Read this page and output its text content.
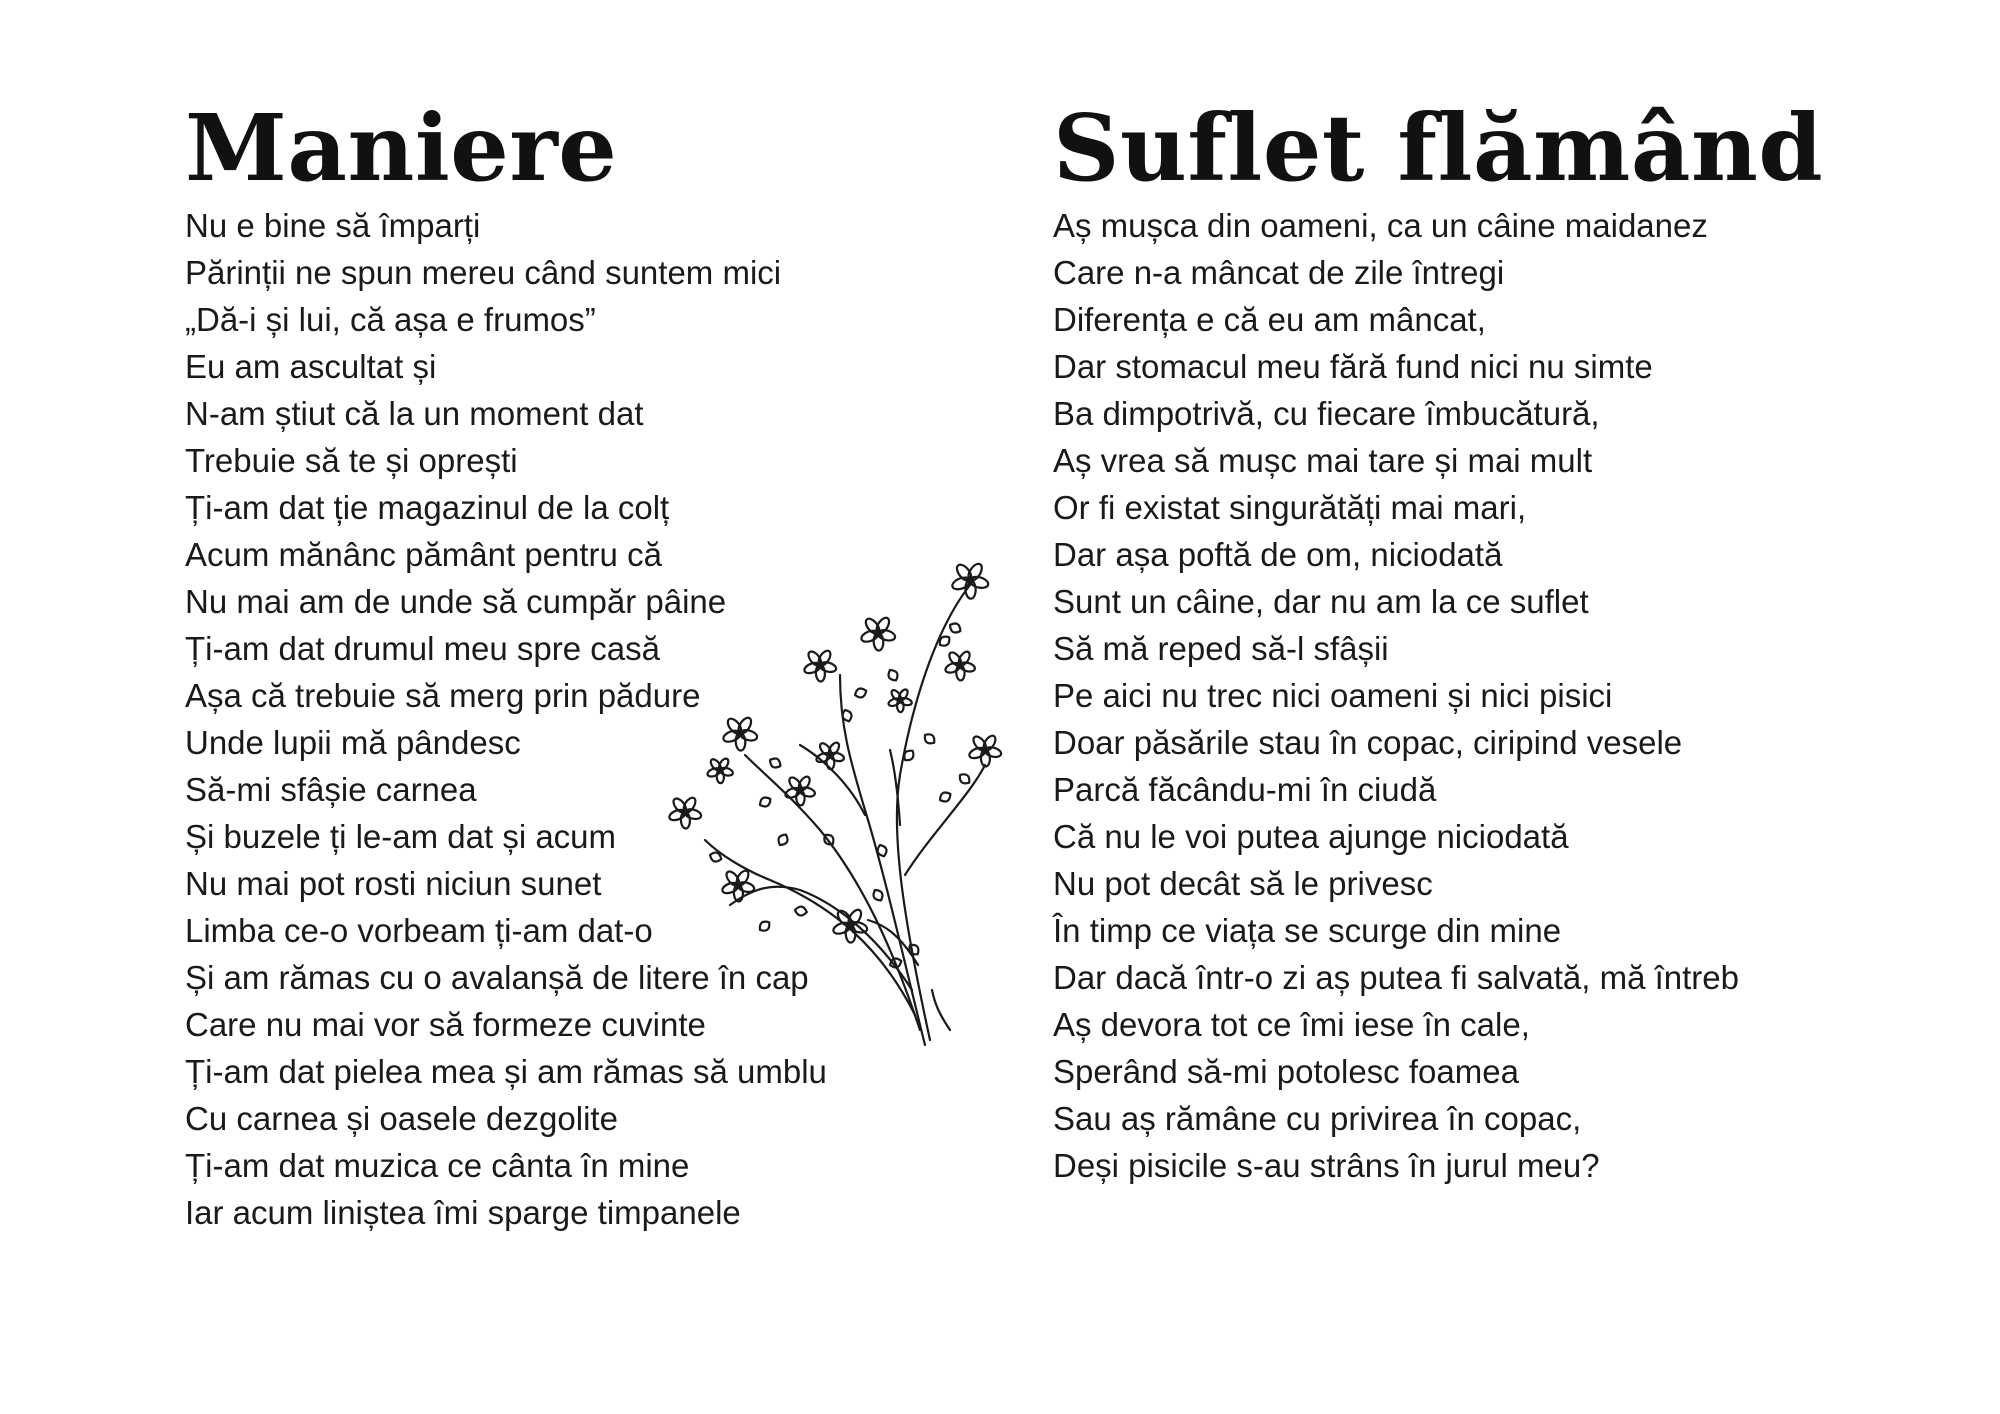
Maniere
Nu e bine să împarți
Părinții ne spun mereu când suntem mici
„Dă-i și lui, că așa e frumos”
Eu am ascultat și
N-am știut că la un moment dat
Trebuie să te și oprești
Ți-am dat ție magazinul de la colț
Acum mănânc pământ pentru că
Nu mai am de unde să cumpăr pâine
Ți-am dat drumul meu spre casă
Așa că trebuie să merg prin pădure
Unde lupii mă pândesc
Să-mi sfâșie carnea
Și buzele ți le-am dat și acum
Nu mai pot rosti niciun sunet
Limba ce-o vorbeam ți-am dat-o
Și am rămas cu o avalanșă de litere în cap
Care nu mai vor să formeze cuvinte
Ți-am dat pielea mea și am rămas să umblu
Cu carnea și oasele dezgolite
Ți-am dat muzica ce cânta în mine
Iar acum liniștea îmi sparge timpanele
Suflet flămând
Aș mușca din oameni, ca un câine maidanez
Care n-a mâncat de zile întregi
Diferența e că eu am mâncat,
Dar stomacul meu fără fund nici nu simte
Ba dimpotrivă, cu fiecare îmbucătură,
Aș vrea să mușc mai tare și mai mult
Or fi existat singurătăți mai mari,
Dar așa poftă de om, niciodată
Sunt un câine, dar nu am la ce suflet
Să mă reped să-l sfâșii
Pe aici nu trec nici oameni și nici pisici
Doar păsările stau în copac, ciripind vesele
Parcă făcându-mi în ciudă
Că nu le voi putea ajunge niciodată
Nu pot decât să le privesc
În timp ce viața se scurge din mine
Dar dacă într-o zi aș putea fi salvată, mă întreb
Aș devora tot ce îmi iese în cale,
Sperând să-mi potolesc foamea
Sau aș rămâne cu privirea în copac,
Deși pisicile s-au strâns în jurul meu?
